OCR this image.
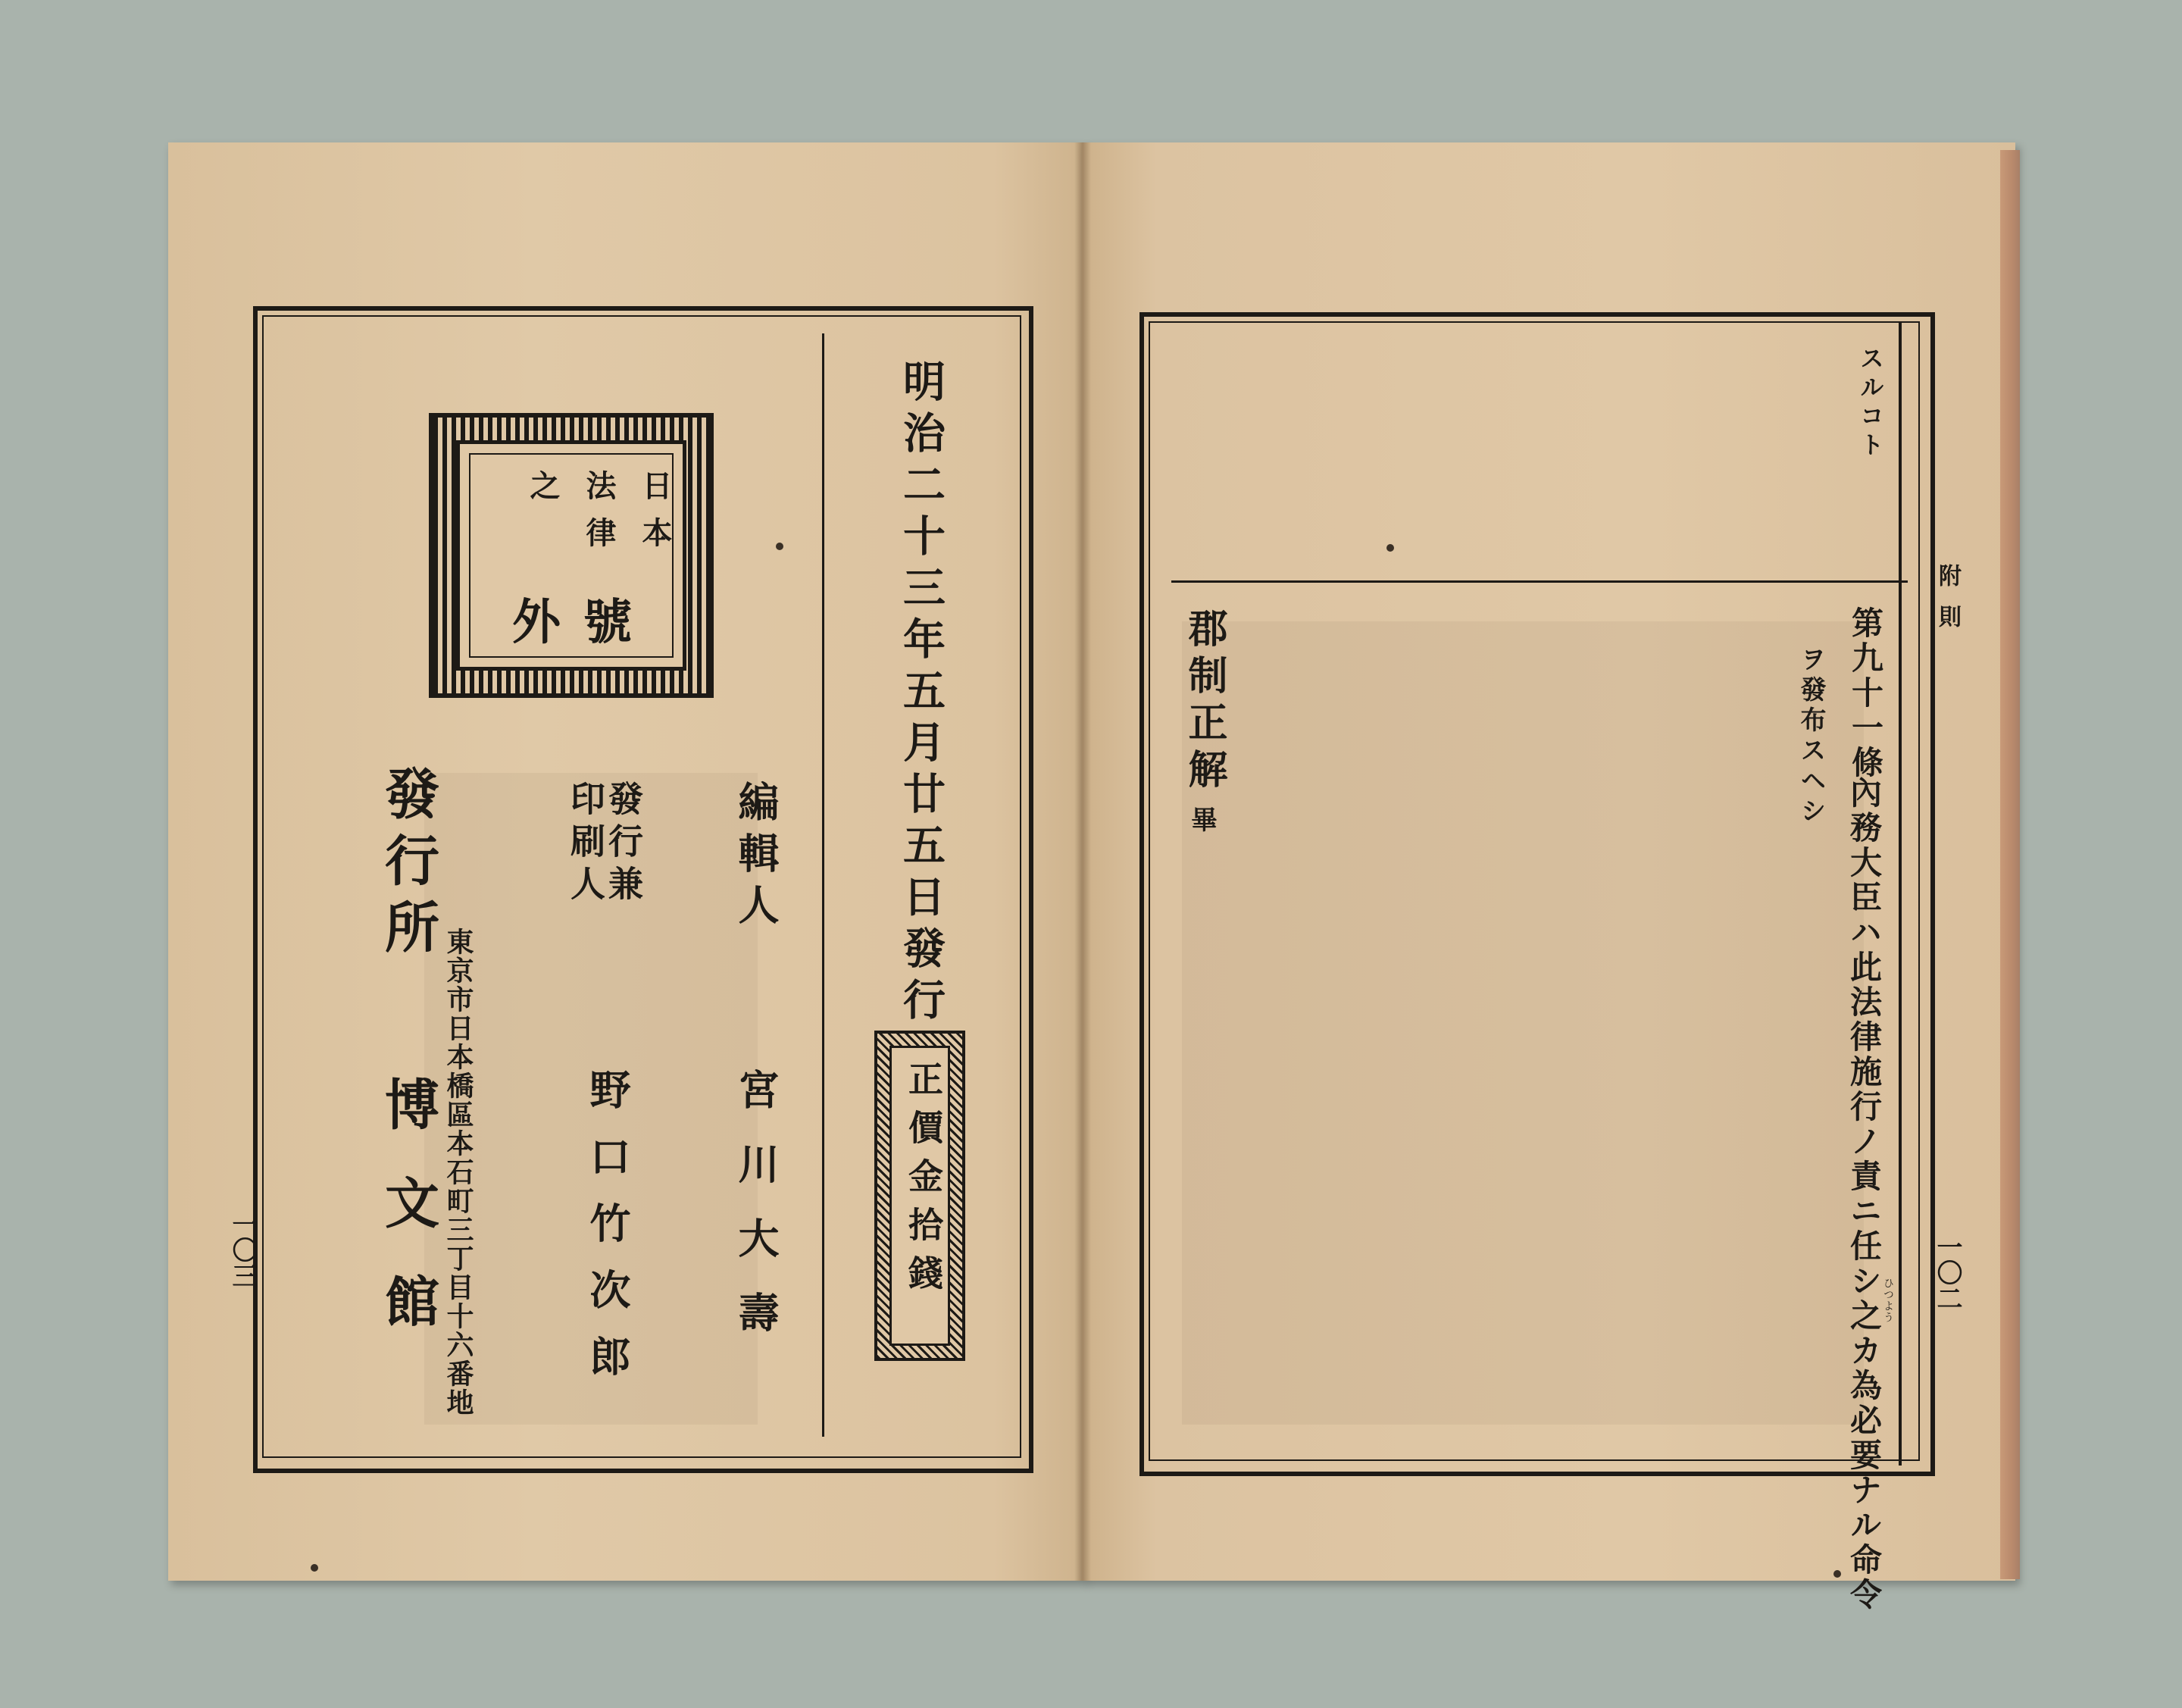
明治二十三年五月廿五日發行
正價金拾錢
日本
法律
之
號外
編輯人
宮川大壽
發行兼
印刷人
野口竹次郎
發行所
東京市日本橋區本石町三丁目十六番地
博文館
一〇三
スルコト
附則
第九十一條
內務大臣ハ此法律施行ノ責ニ任シ之カ為必要ナル命令 ひつよう
ヲ發布スヘシ
郡制正解
畢
一〇二
